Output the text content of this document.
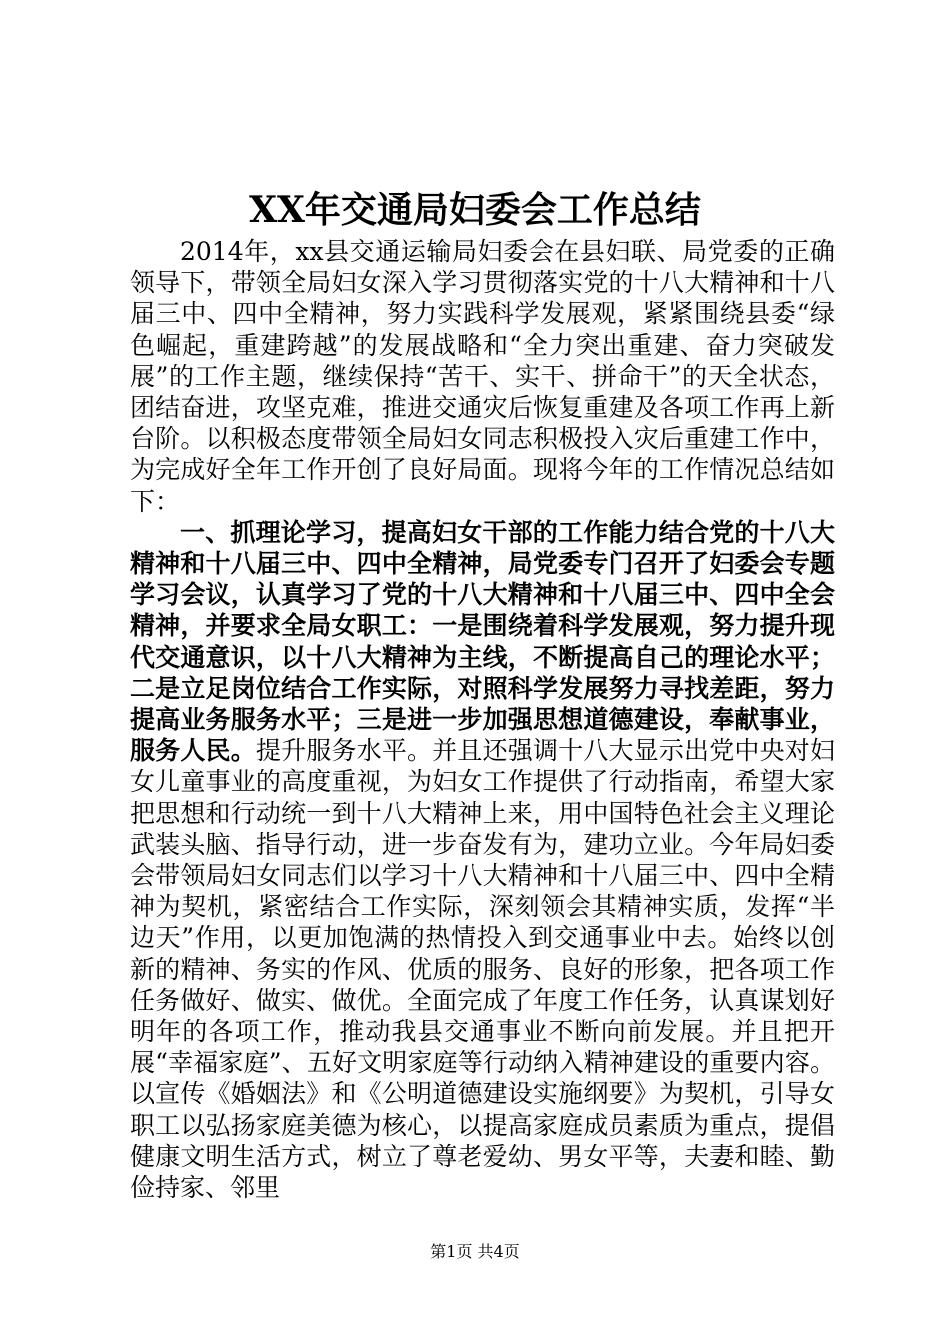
XX年交通局妇委会工作总结

2014年，xx县交通运输局妇委会在县妇联、局党委的正确领导下，带领全局妇女深入学习贯彻落实党的十八大精神和十八届三中、四中全精神，努力实践科学发展观，紧紧围绕县委“绿色崛起，重建跨越”的发展战略和“全力突出重建、奋力突破发展”的工作主题，继续保持“苦干、实干、拼命干”的天全状态，团结奋进，攻坚克难，推进交通灾后恢复重建及各项工作再上新台阶。以积极态度带领全局妇女同志积极投入灾后重建工作中，为完成好全年工作开创了良好局面。现将今年的工作情况总结如下：

一、抓理论学习，提高妇女干部的工作能力结合党的十八大精神和十八届三中、四中全精神，局党委专门召开了妇委会专题学习会议，认真学习了党的十八大精神和十八届三中、四中全会精神，并要求全局女职工：一是围绕着科学发展观，努力提升现代交通意识，以十八大精神为主线，不断提高自己的理论水平；二是立足岗位结合工作实际，对照科学发展努力寻找差距，努力提高业务服务水平；三是进一步加强思想道德建设，奉献事业，服务人民。提升服务水平。并且还强调十八大显示出党中央对妇女儿童事业的高度重视，为妇女工作提供了行动指南，希望大家把思想和行动统一到十八大精神上来，用中国特色社会主义理论武装头脑、指导行动，进一步奋发有为，建功立业。今年局妇委会带领局妇女同志们以学习十八大精神和十八届三中、四中全精神为契机，紧密结合工作实际，深刻领会其精神实质，发挥“半边天”作用，以更加饱满的热情投入到交通事业中去。始终以创新的精神、务实的作风、优质的服务、良好的形象，把各项工作任务做好、做实、做优。全面完成了年度工作任务，认真谋划好明年的各项工作，推动我县交通事业不断向前发展。并且把开展“幸福家庭”、五好文明家庭等行动纳入精神建设的重要内容。以宣传《婚姻法》和《公明道德建设实施纲要》为契机，引导女职工以弘扬家庭美德为核心，以提高家庭成员素质为重点，提倡健康文明生活方式，树立了尊老爱幼、男女平等，夫妻和睦、勤俭持家、邻里

第1页 共4页
